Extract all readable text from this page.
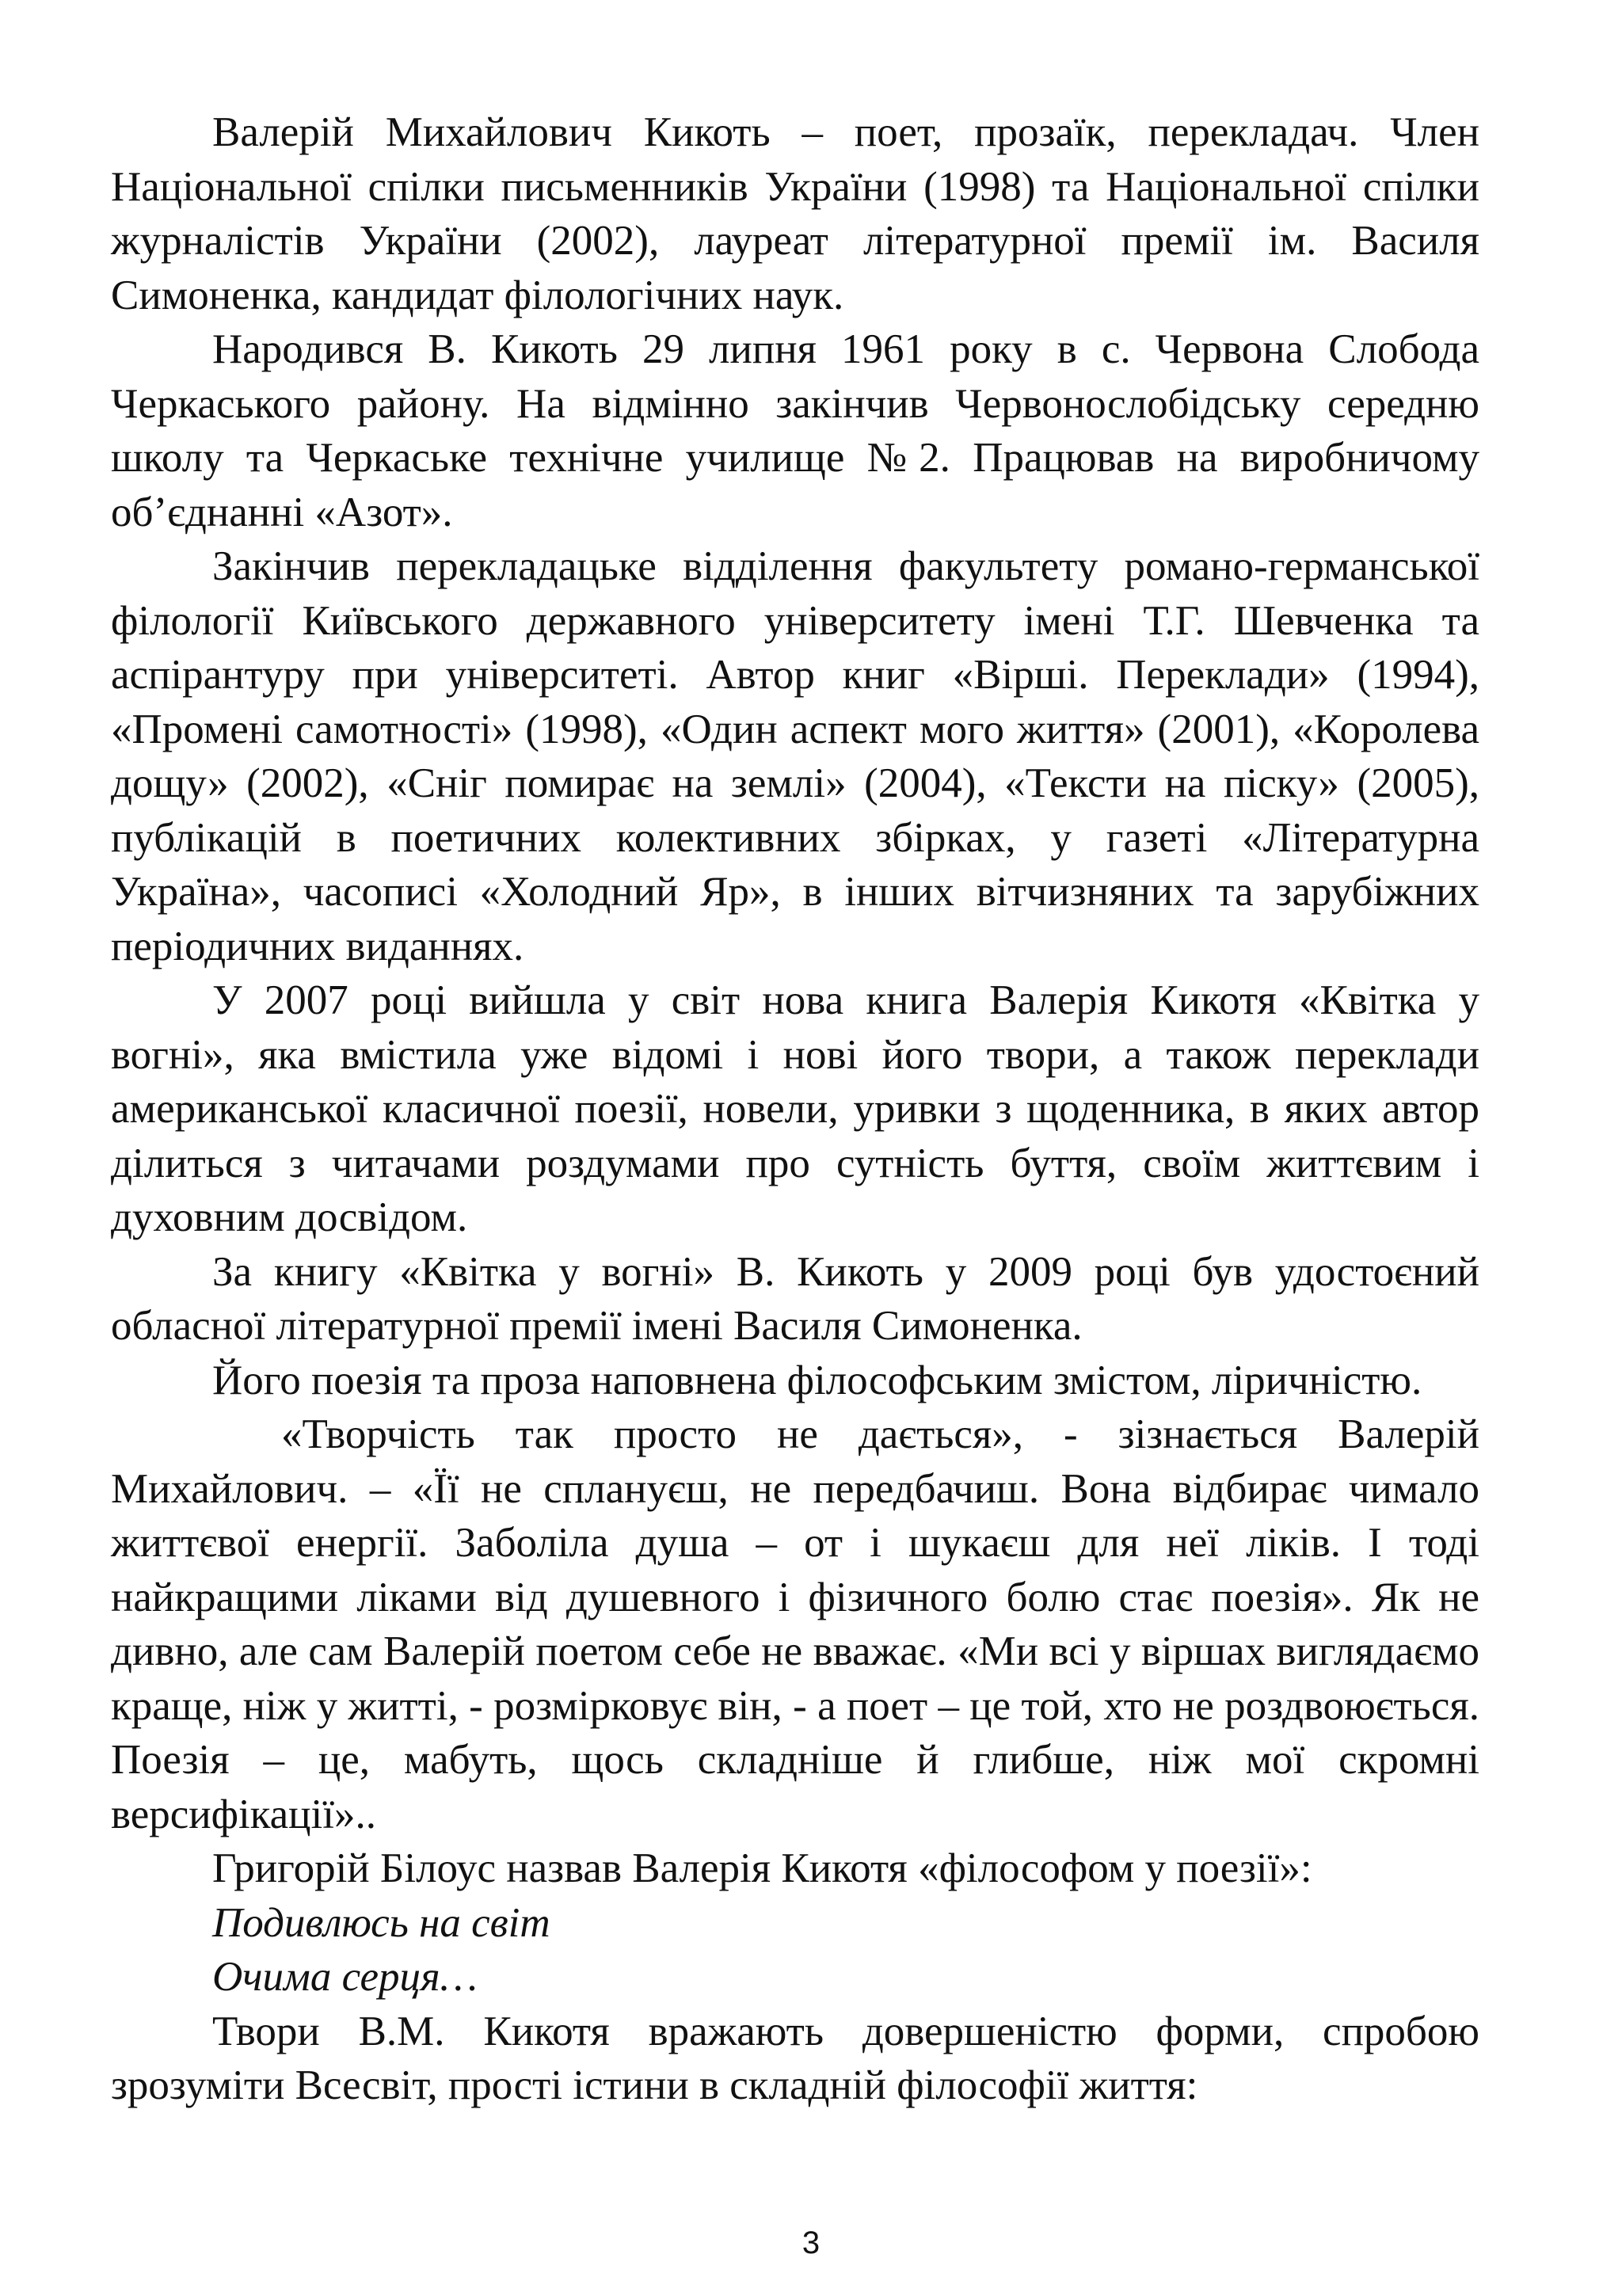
Валерій Михайлович Кикоть – поет, прозаїк, перекладач. Член Національної спілки письменників України (1998) та Національної спілки журналістів України (2002), лауреат літературної премії ім. Василя Симоненка, кандидат філологічних наук.

Народився В. Кикоть 29 липня 1961 року в с. Червона Слобода Черкаського району. На відмінно закінчив Червонослобідську середню школу та Черкаське технічне училище №2. Працював на виробничому об’єднанні «Азот».

Закінчив перекладацьке відділення факультету романо-германської філології Київського державного університету імені Т.Г. Шевченка та аспірантуру при університеті. Автор книг «Вірші. Переклади» (1994), «Промені самотності» (1998), «Один аспект мого життя» (2001), «Королева дощу» (2002), «Сніг помирає на землі» (2004), «Тексти на піску» (2005), публікацій в поетичних колективних збірках, у газеті «Літературна Україна», часописі «Холодний Яр», в інших вітчизняних та зарубіжних періодичних виданнях.

У 2007 році вийшла у світ нова книга Валерія Кикотя «Квітка у вогні», яка вмістила уже відомі і нові його твори, а також переклади американської класичної поезії, новели, уривки з щоденника, в яких автор ділиться з читачами роздумами про сутність буття, своїм життєвим і духовним досвідом.

За книгу «Квітка у вогні» В. Кикоть у 2009 році був удостоєний обласної літературної премії імені Василя Симоненка.

Його поезія та проза наповнена філософським змістом, ліричністю.

«Творчість так просто не дається», - зізнається Валерій Михайлович. – «Її не сплануєш, не передбачиш. Вона відбирає чимало життєвої енергії. Заболіла душа – от і шукаєш для неї ліків. І тоді найкращими ліками від душевного і фізичного болю стає поезія». Як не дивно, але сам Валерій поетом себе не вважає. «Ми всі у віршах виглядаємо краще, ніж у житті, - розмірковує він, - а поет – це той, хто не роздвоюється. Поезія – це, мабуть, щось складніше й глибше, ніж мої скромні версифікації»..

Григорій Білоус назвав Валерія Кикотя «філософом у поезії»:

Подивлюсь на світ

Очима серця…

Твори В.М. Кикотя вражають довершеністю форми, спробою зрозуміти Всесвіт, прості істини в складній філософії життя:

3
